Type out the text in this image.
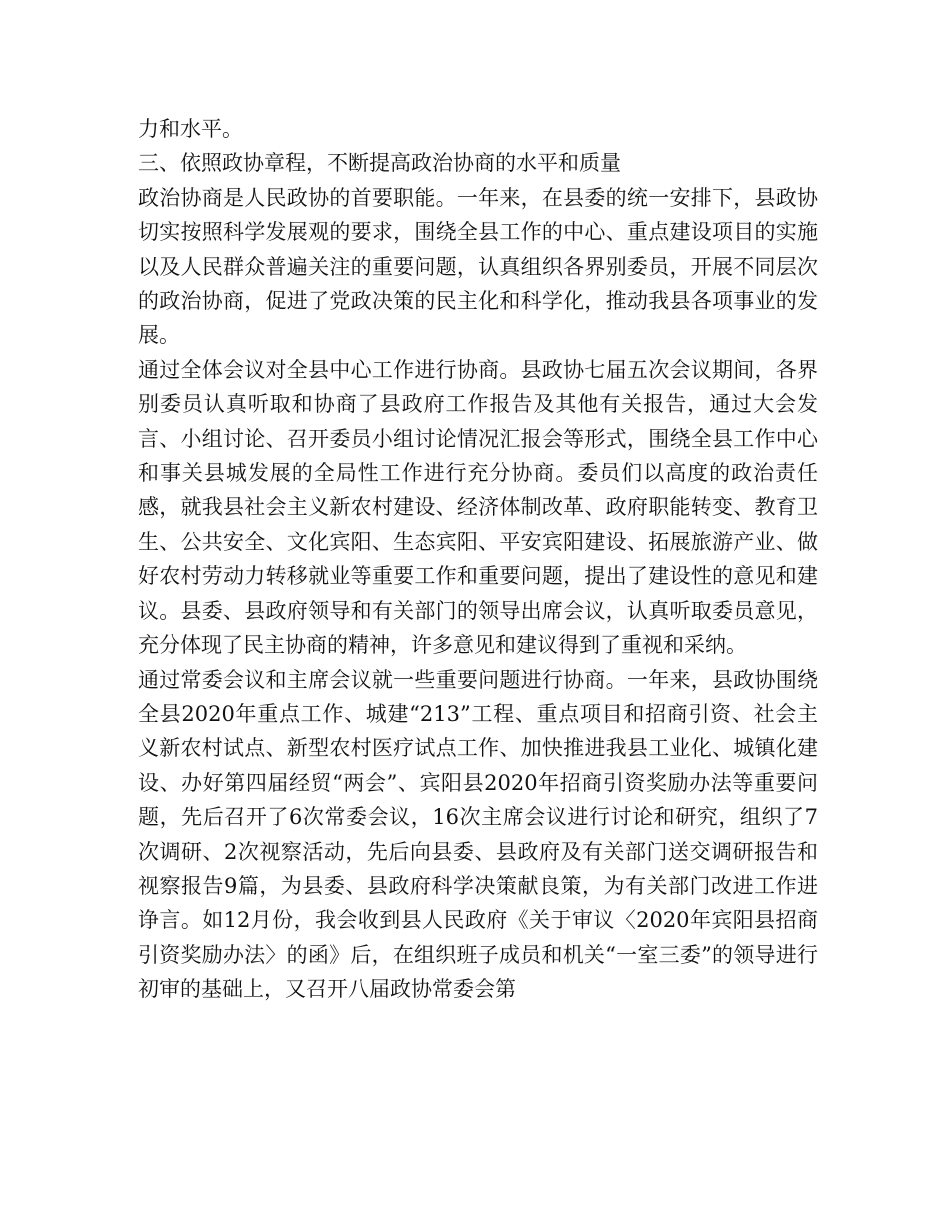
力和水平。

三、依照政协章程，不断提高政治协商的水平和质量

政治协商是人民政协的首要职能。一年来，在县委的统一安排下，县政协切实按照科学发展观的要求，围绕全县工作的中心、重点建设项目的实施以及人民群众普遍关注的重要问题，认真组织各界别委员，开展不同层次的政治协商，促进了党政决策的民主化和科学化，推动我县各项事业的发展。

通过全体会议对全县中心工作进行协商。县政协七届五次会议期间，各界别委员认真听取和协商了县政府工作报告及其他有关报告，通过大会发言、小组讨论、召开委员小组讨论情况汇报会等形式，围绕全县工作中心和事关县城发展的全局性工作进行充分协商。委员们以高度的政治责任感，就我县社会主义新农村建设、经济体制改革、政府职能转变、教育卫生、公共安全、文化宾阳、生态宾阳、平安宾阳建设、拓展旅游产业、做好农村劳动力转移就业等重要工作和重要问题，提出了建设性的意见和建议。县委、县政府领导和有关部门的领导出席会议，认真听取委员意见，充分体现了民主协商的精神，许多意见和建议得到了重视和采纳。

通过常委会议和主席会议就一些重要问题进行协商。一年来，县政协围绕全县2020年重点工作、城建“213”工程、重点项目和招商引资、社会主义新农村试点、新型农村医疗试点工作、加快推进我县工业化、城镇化建设、办好第四届经贸“两会”、宾阳县2020年招商引资奖励办法等重要问题，先后召开了6次常委会议，16次主席会议进行讨论和研究，组织了7次调研、2次视察活动，先后向县委、县政府及有关部门送交调研报告和视察报告9篇，为县委、县政府科学决策献良策，为有关部门改进工作进诤言。如12月份，我会收到县人民政府《关于审议〈2020年宾阳县招商引资奖励办法〉的函》后，在组织班子成员和机关“一室三委”的领导进行初审的基础上，又召开八届政协常委会第
